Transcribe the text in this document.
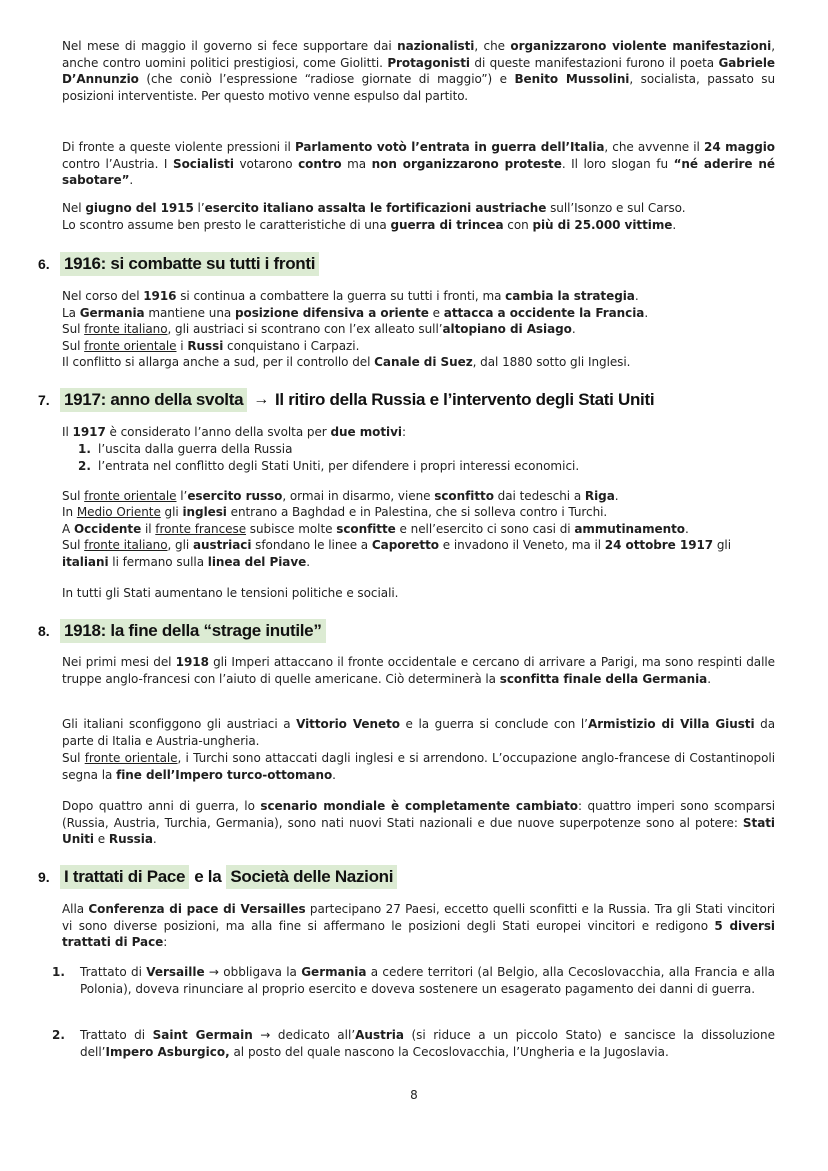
Nel mese di maggio il governo si fece supportare dai nazionalisti, che organizzarono violente manifestazioni, anche contro uomini politici prestigiosi, come Giolitti. Protagonisti di queste manifestazioni furono il poeta Gabriele D’Annunzio (che coniò l’espressione “radiose giornate di maggio”) e Benito Mussolini, socialista, passato su posizioni interventiste. Per questo motivo venne espulso dal partito.

Di fronte a queste violente pressioni il Parlamento votò l’entrata in guerra dell’Italia, che avvenne il 24 maggio contro l’Austria. I Socialisti votarono contro ma non organizzarono proteste. Il loro slogan fu “né aderire né sabotare”.

Nel giugno del 1915 l’esercito italiano assalta le fortificazioni austriache sull’Isonzo e sul Carso.

Lo scontro assume ben presto le caratteristiche di una guerra di trincea con più di 25.000 vittime.

6. 1916: si combatte su tutti i fronti

Nel corso del 1916 si continua a combattere la guerra su tutti i fronti, ma cambia la strategia.

La Germania mantiene una posizione difensiva a oriente e attacca a occidente la Francia.

Sul fronte italiano, gli austriaci si scontrano con l’ex alleato sull’altopiano di Asiago.

Sul fronte orientale i Russi conquistano i Carpazi.

Il conflitto si allarga anche a sud, per il controllo del Canale di Suez, dal 1880 sotto gli Inglesi.

7. 1917: anno della svolta → Il ritiro della Russia e l’intervento degli Stati Uniti

Il 1917 è considerato l’anno della svolta per due motivi:

1. l’uscita dalla guerra della Russia
2. l’entrata nel conflitto degli Stati Uniti, per difendere i propri interessi economici.

Sul fronte orientale l’esercito russo, ormai in disarmo, viene sconfitto dai tedeschi a Riga.

In Medio Oriente gli inglesi entrano a Baghdad e in Palestina, che si solleva contro i Turchi.

A Occidente il fronte francese subisce molte sconfitte e nell’esercito ci sono casi di ammutinamento.

Sul fronte italiano, gli austriaci sfondano le linee a Caporetto e invadono il Veneto, ma il 24 ottobre 1917 gli italiani li fermano sulla linea del Piave.

In tutti gli Stati aumentano le tensioni politiche e sociali.

8. 1918: la fine della “strage inutile”

Nei primi mesi del 1918 gli Imperi attaccano il fronte occidentale e cercano di arrivare a Parigi, ma sono respinti dalle truppe anglo-francesi con l’aiuto di quelle americane. Ciò determinerà la sconfitta finale della Germania.

Gli italiani sconfiggono gli austriaci a Vittorio Veneto e la guerra si conclude con l’Armistizio di Villa Giusti da parte di Italia e Austria-ungheria.

Sul fronte orientale, i Turchi sono attaccati dagli inglesi e si arrendono. L’occupazione anglo-francese di Costantinopoli segna la fine dell’Impero turco-ottomano.

Dopo quattro anni di guerra, lo scenario mondiale è completamente cambiato: quattro imperi sono scomparsi (Russia, Austria, Turchia, Germania), sono nati nuovi Stati nazionali e due nuove superpotenze sono al potere: Stati Uniti e Russia.

9. I trattati di Pace e la Società delle Nazioni

Alla Conferenza di pace di Versailles partecipano 27 Paesi, eccetto quelli sconfitti e la Russia. Tra gli Stati vincitori vi sono diverse posizioni, ma alla fine si affermano le posizioni degli Stati europei vincitori e redigono 5 diversi trattati di Pace:

1. Trattato di Versaille → obbligava la Germania a cedere territori (al Belgio, alla Cecoslovacchia, alla Francia e alla Polonia), doveva rinunciare al proprio esercito e doveva sostenere un esagerato pagamento dei danni di guerra.
2. Trattato di Saint Germain → dedicato all’Austria (si riduce a un piccolo Stato) e sancisce la dissoluzione dell’Impero Asburgico, al posto del quale nascono la Cecoslovacchia, l’Ungheria e la Jugoslavia.
8
